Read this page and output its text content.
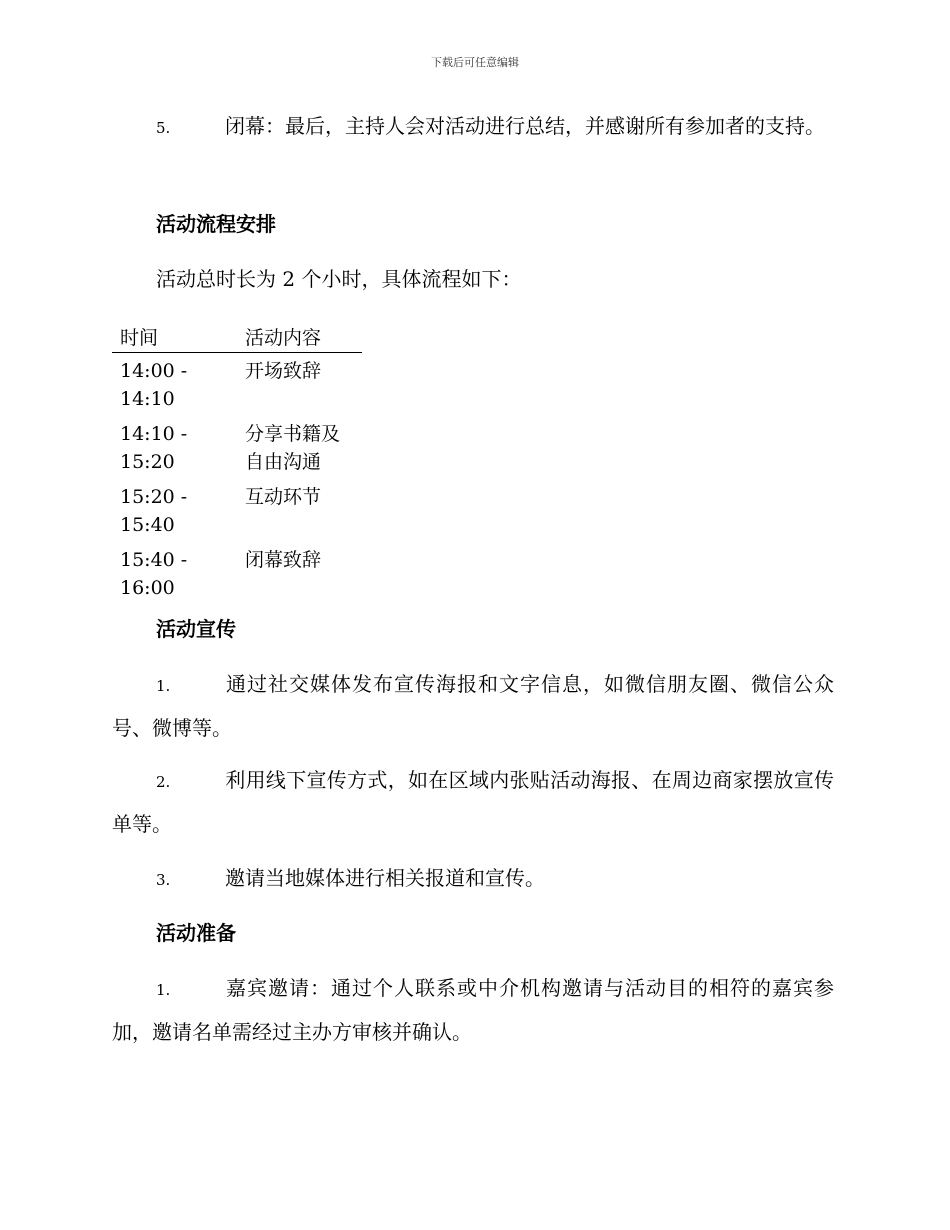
下载后可任意编辑

5.	闭幕：最后，主持人会对活动进行总结，并感谢所有参加者的支持。

活动流程安排

活动总时长为 2 个小时，具体流程如下：

时间	活动内容
14:00 -
14:10	开场致辞
14:10 -
15:20	分享书籍及
自由沟通
15:20 -
15:40	互动环节
15:40 -
16:00	闭幕致辞
活动宣传

1.	通过社交媒体发布宣传海报和文字信息，如微信朋友圈、微信公众号、微博等。

2.	利用线下宣传方式，如在区域内张贴活动海报、在周边商家摆放宣传单等。

3.	邀请当地媒体进行相关报道和宣传。

活动准备

1.	嘉宾邀请：通过个人联系或中介机构邀请与活动目的相符的嘉宾参加，邀请名单需经过主办方审核并确认。
